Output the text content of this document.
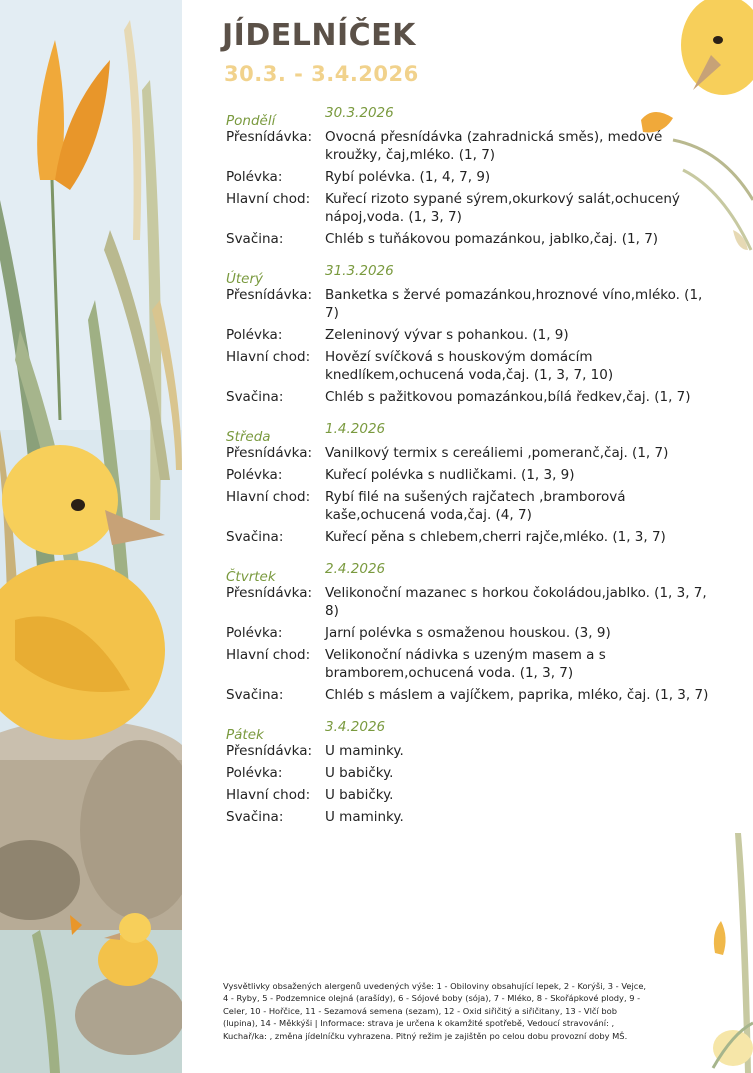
JÍDELNÍČEK
30.3. - 3.4.2026
Pondělí	30.3.2026
Přesnídávka: Ovocná přesnídávka (zahradnická směs), medové kroužky, čaj,mléko. (1, 7)
Polévka:	Rybí polévka. (1, 4, 7, 9)
Hlavní chod:	Kuřecí rizoto sypané sýrem,okurkový salát,ochucený nápoj,voda. (1, 3, 7)
Svačina:	Chléb s tuňákovou pomazánkou, jablko,čaj. (1, 7)
Úterý	31.3.2026
Přesnídávka: Banketka s žervé pomazánkou,hroznové víno,mléko. (1, 7)
Polévka:	Zeleninový vývar s pohankou. (1, 9)
Hlavní chod:	Hovězí svíčková s houskovým domácím knedlíkem,ochucená voda,čaj. (1, 3, 7, 10)
Svačina:	Chléb s pažitkovou pomazánkou,bílá ředkev,čaj. (1, 7)
Středa	1.4.2026
Přesnídávka: Vanilkový termix s cereáliemi ,pomeranč,čaj. (1, 7)
Polévka:	Kuřecí polévka s nudličkami. (1, 3, 9)
Hlavní chod:	Rybí filé na sušených rajčatech ,bramborová kaše,ochucená voda,čaj. (4, 7)
Svačina:	Kuřecí pěna s chlebem,cherri rajče,mléko. (1, 3, 7)
Čtvrtek	2.4.2026
Přesnídávka: Velikonoční mazanec s horkou čokoládou,jablko. (1, 3, 7, 8)
Polévka:	Jarní polévka s osmaženou houskou. (3, 9)
Hlavní chod:	Velikonoční nádivka s uzeným masem a s bramborem,ochucená voda. (1, 3, 7)
Svačina:	Chléb s máslem a vajíčkem, paprika, mléko, čaj. (1, 3, 7)
Pátek	3.4.2026
Přesnídávka: U maminky.
Polévka:	U babičky.
Hlavní chod:	U babičky.
Svačina:	U maminky.
Vysvětlivky obsažených alergenů uvedených výše: 1 - Obiloviny obsahující lepek, 2 - Korýši, 3 - Vejce, 4 - Ryby, 5 - Podzemnice olejná (arašídy), 6 - Sójové boby (sója), 7 - Mléko, 8 - Skořápkové plody, 9 - Celer, 10 - Hořčice, 11 - Sezamová semena (sezam), 12 - Oxid siřičitý a siřičitany, 13 - Vlčí bob (lupina), 14 - Měkkýši | Informace: strava je určena k okamžité spotřebě, Vedoucí stravování: , Kuchař/ka: , změna jídelníčku vyhrazena. Pitný režim je zajištěn po celou dobu provozní doby MŠ.
